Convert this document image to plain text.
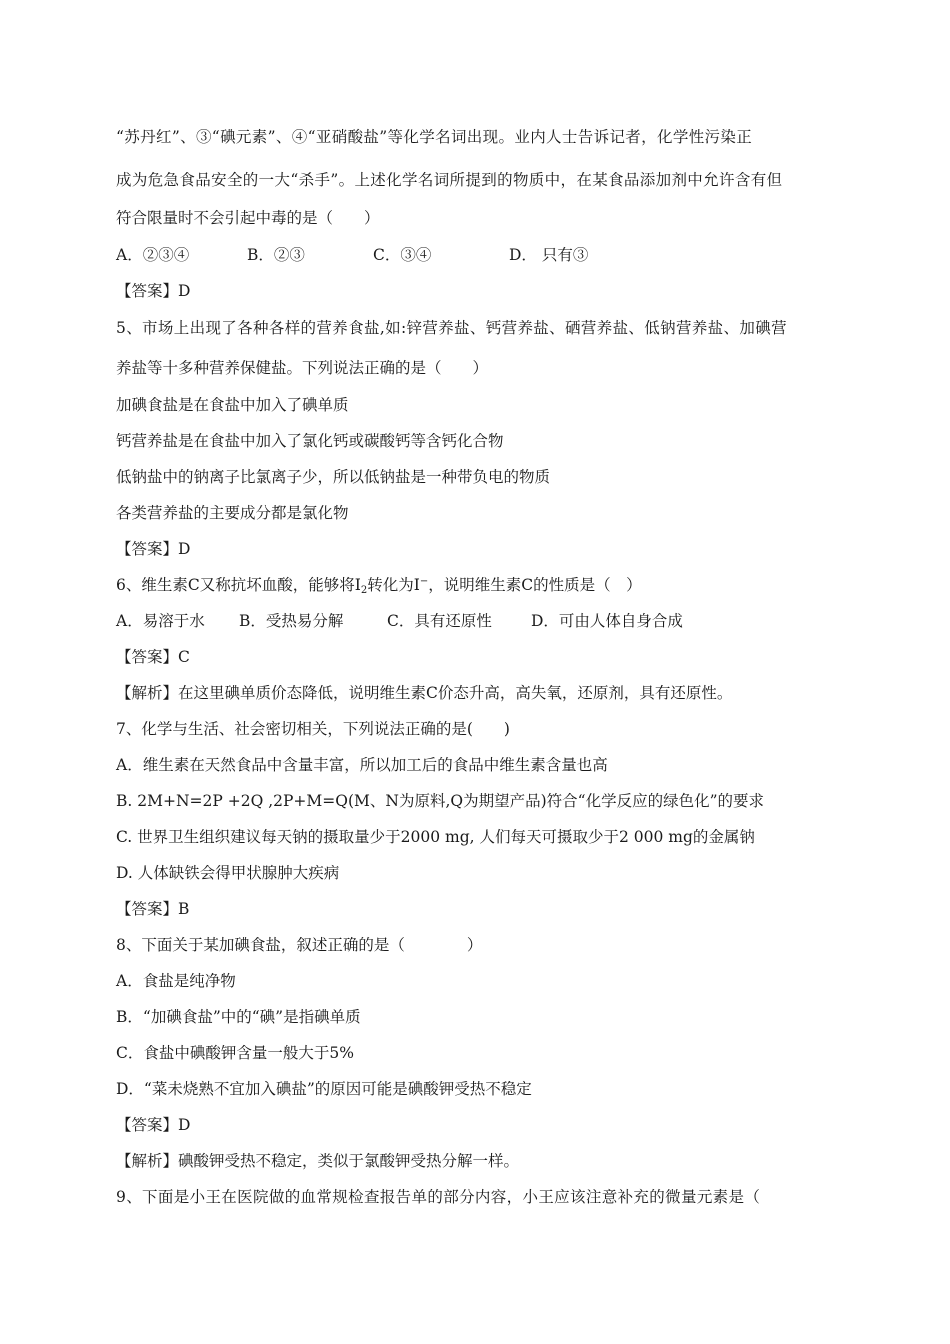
“苏丹红”、③“碘元素”、④“亚硝酸盐”等化学名词出现。业内人士告诉记者，化学性污染正
成为危急食品安全的一大“杀手”。上述化学名词所提到的物质中，在某食品添加剂中允许含有但
符合限量时不会引起中毒的是（　　）
A．②③④	B．②③	C．③④	D． 只有③
【答案】D
5、市场上出现了各种各样的营养食盐,如:锌营养盐、钙营养盐、硒营养盐、低钠营养盐、加碘营
养盐等十多种营养保健盐。下列说法正确的是（　　）
加碘食盐是在食盐中加入了碘单质
钙营养盐是在食盐中加入了氯化钙或碳酸钙等含钙化合物
低钠盐中的钠离子比氯离子少，所以低钠盐是一种带负电的物质
各类营养盐的主要成分都是氯化物
【答案】D
6、维生素C又称抗坏血酸，能够将$I_2$转化为I−，说明维生素C的性质是（　）
A．易溶于水 B．受热易分解	C．具有还原性	D．可由人体自身合成
【答案】C
【解析】在这里碘单质价态降低，说明维生素C价态升高，高失氧，还原剂，具有还原性。
7、化学与生活、社会密切相关，下列说法正确的是(　　)
A．维生素在天然食品中含量丰富，所以加工后的食品中维生素含量也高
B. 2M+N=2P +2Q ,2P+M=Q(M、N为原料,Q为期望产品)符合“化学反应的绿色化”的要求
C. 世界卫生组织建议每天钠的摄取量少于2000 mg, 人们每天可摄取少于2 000 mg的金属钠
D. 人体缺铁会得甲状腺肿大疾病
【答案】B
8、下面关于某加碘食盐，叙述正确的是（　　　　）
A．食盐是纯净物
B．“加碘食盐”中的“碘”是指碘单质
C．食盐中碘酸钾含量一般大于5%
D．“菜未烧熟不宜加入碘盐”的原因可能是碘酸钾受热不稳定
【答案】D
【解析】碘酸钾受热不稳定，类似于氯酸钾受热分解一样。
9、下面是小王在医院做的血常规检查报告单的部分内容，小王应该注意补充的微量元素是（
